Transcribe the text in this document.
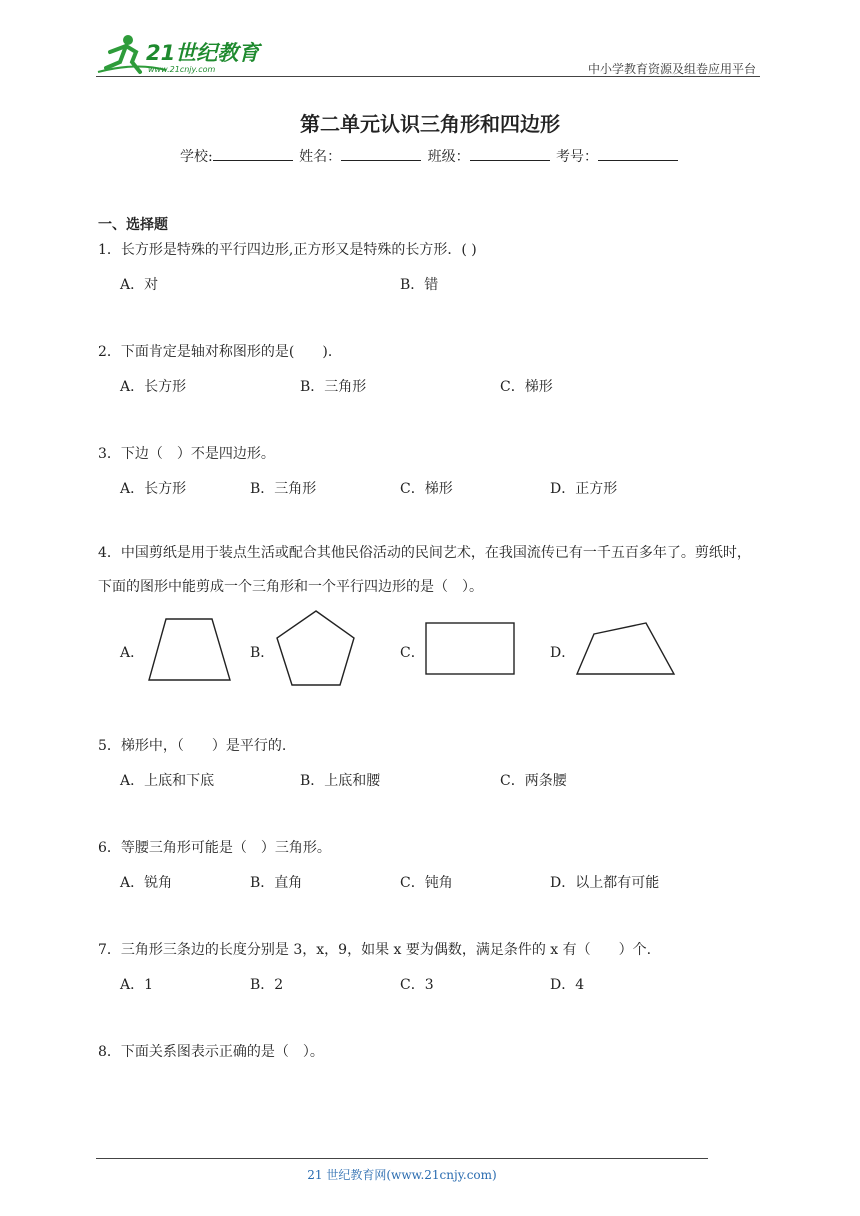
21世纪教育
www.21cnjy.com	中小学教育资源及组卷应用平台
第二单元认识三角形和四边形
学校:	姓名：	班级：	考号：
一、选择题
1．长方形是特殊的平行四边形,正方形又是特殊的长方形．( )
A．对	B．错
2．下面肯定是轴对称图形的是(　　)．
A．长方形	B．三角形	C．梯形
3．下边（　）不是四边形。
A．长方形	B．三角形	C．梯形	D．正方形
4．中国剪纸是用于装点生活或配合其他民俗活动的民间艺术，在我国流传已有一千五百多年了。剪纸时，下面的图形中能剪成一个三角形和一个平行四边形的是（　）。
A．	B．	C．	D．
5．梯形中，（　　）是平行的.
A．上底和下底	B．上底和腰	C．两条腰
6．等腰三角形可能是（　）三角形。
A．锐角	B．直角	C．钝角	D．以上都有可能
7．三角形三条边的长度分别是 3，x，9，如果 x 要为偶数，满足条件的 x 有（　　）个.
A．1	B．2	C．3	D．4
8．下面关系图表示正确的是（　）。
21 世纪教育网(www.21cnjy.com)
